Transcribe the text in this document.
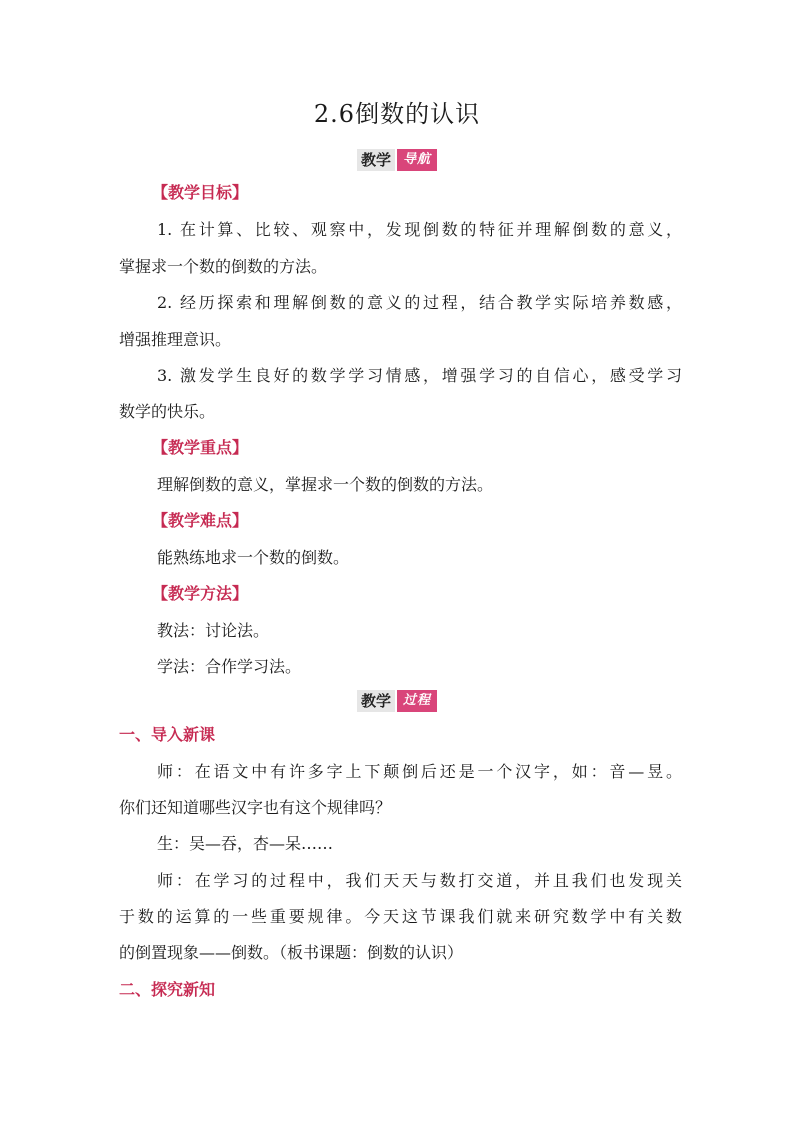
2.6倒数的认识
教学 导航
【教学目标】
1. 在计算、比较、观察中，发现倒数的特征并理解倒数的意义，
掌握求一个数的倒数的方法。
2. 经历探索和理解倒数的意义的过程，结合教学实际培养数感，
增强推理意识。
3. 激发学生良好的数学学习情感，增强学习的自信心，感受学习
数学的快乐。
【教学重点】
理解倒数的意义，掌握求一个数的倒数的方法。
【教学难点】
能熟练地求一个数的倒数。
【教学方法】
教法：讨论法。
学法：合作学习法。
教学 过程
一、导入新课
师：在语文中有许多字上下颠倒后还是一个汉字，如：音—昱。
你们还知道哪些汉字也有这个规律吗？
生：吴—吞，杏—呆……
师：在学习的过程中，我们天天与数打交道，并且我们也发现关
于数的运算的一些重要规律。今天这节课我们就来研究数学中有关数
的倒置现象——倒数。（板书课题：倒数的认识）
二、探究新知
